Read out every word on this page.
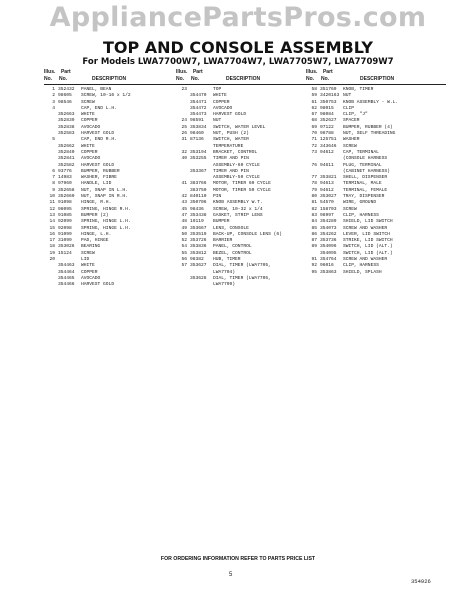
AppliancePartsPros.com
TOP AND CONSOLE ASSEMBLY
For Models LWA7700W7, LWA7704W7, LWA7705W7, LWA7709W7
Illus. Part
No. No.	DESCRIPTION
1 352432 PANEL, BEAN
2 98605 SCREW, 10-16 x 1/2
3 98546 SCREW
4	CAP, END L.H.
352663 WHITE
352839 COPPER
352838 AVOCADO
352583 HARVEST GOLD
5	CAP, END R.H.
352662 WHITE
352840 COPPER
352841 AVOCADO
352582 HARVEST GOLD
6 93776 BUMPER, RUBBER
7 14983 WASHER, FIBRE
8 97960 HANDLE, LID
9 352658 NUT, SNAP IN L.H.
10 352660 NUT, SNAP IN R.H.
11 91098 HINGE, R.H.
12 98095 SPRING, HINGE R.H.
13 91085 BUMPER (2)
14 92099 SPRING, HINGE L.H.
15 92098 SPRING, HINGE L.H.
16 91099 HINGE, L.H.
17 31099 PAD, HINGE
18 353026 BEARING
19 15124 SCREW
20	LID
354463 WHITE
354464 COPPER
354465 AVOCADO
354466 HARVEST GOLD
Illus. Part
No. No.	DESCRIPTION
23	TOP
354470 WHITE
354471 COPPER
354472 AVOCADO
354473 HARVEST GOLD
24 98591 NUT
25 353834 SWITCH, WATER LEVEL
26 98460 NUT, PUSH (2)
31 87136 SWITCH, WATER
TEMPERATURE
32 353194 BRACKET, CONTROL
40 353255 TIMER AND PIN
ASSEMBLY-60 CYCLE
353367 TIMER AND PIN
ASSEMBLY-50 CYCLE
41 383766 MOTOR, TIMER 60 CYCLE
383750 MOTOR, TIMER 50 CYCLE
42 840110 PIN
43 350706 KNOB ASSEMBLY W.T.
45 98436 SCREW, 10-32 x 1/4
47 353438 GASKET, STRIP LENS
48 19119 BUMPER
49 353667 LENS, CONSOLE
50 353519 BACK-UP, CONSOLE LENS (6)
52 353726 BARRIER
54 353836 PANEL, CONTROL
55 353812 BEZEL, CONTROL
56 98382 HUB, TIMER
57 353627 DIAL, TIMER (LWA7705,
LWA7704)
353628 DIAL, TIMER (LWA7705,
LWA7709)
Illus. Part
No. No.	DESCRIPTION
58 351769 KNOB, TIMER
59 3420163 NUT
61 350753 KNOB ASSEMBLY - W.L.
62 98015 CLIP
67 98084 CLIP, "J"
68 352627 SPACER
69 97122 BUMPER, RUBBER (4)
70 98788 NUT, SELF THREADING
71 125751 WASHER
72 343646 SCREW
73 94612 CAP, TERMINAL
(CONSOLE HARNESS
76 94611 PLUG, TERMINAL
(CABINET HARNESS)
77 353821 SHELL, DISPENSER
78 94613 TERMINAL, MALE
79 94612 TERMINAL, FEMALE
80 353027 TRAY, DISPENSER
81 54570 WIRE, GROUND
82 158703 SCREW
83 98997 CLIP, HARNESS
84 354289 SHIELD, LID SWITCH
85 354073 SCREW AND WASHER
86 354262 LEVER, LID SWITCH
87 353736 STRIKE, LID SWITCH
89 354096 SWITCH, LID (ALT.)
354095 SWITCH, LID (ALT.)
91 354764 SCREW AND WASHER
92 96016 CLIP, HARNESS
95 353863 SHIELD, SPLASH
FOR ORDERING INFORMATION REFER TO PARTS PRICE LIST
5
354926
